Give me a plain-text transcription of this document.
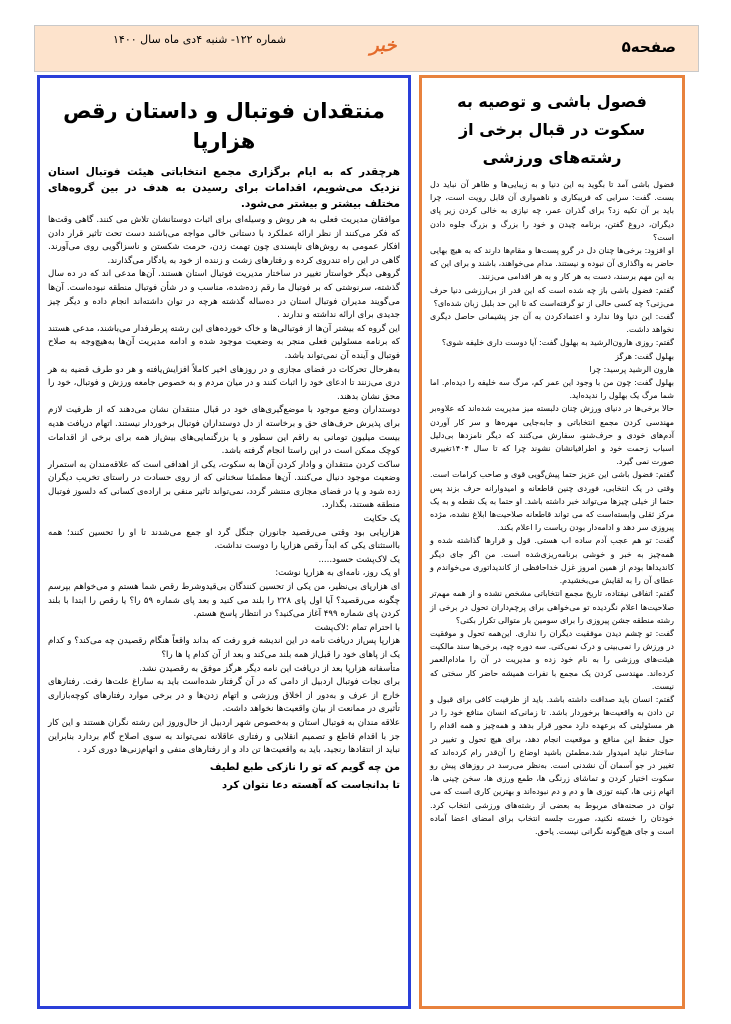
صفحه۵
خبر
شماره ۱۲۲- شنبه ۴دی ماه سال ۱۴۰۰
فصول باشی و توصیه به سکوت در قبال برخی از رشته‌های ورزشی

فضول باشی آمد تا بگوید به این دنیا و به زیبایی‌ها و ظاهر آن نباید دل بست. گفت: سرابی که فریبکاری و ناهمواری آن قابل رویت است، چرا باید بر آن تکیه زد؟ برای گذران عمر، چه نیازی به خالی کردن زیر پای دیگران، دروغ گفتن، برنامه چیدن و خود را بزرگ و بزرگ جلوه دادن است؟

او افزود: برخی‌ها چنان دل در گرو پست‌ها و مقام‌ها دارند که به هیچ بهایی حاضر به واگذاری آن نبوده و نیستند. مدام می‌خواهند، باشند و برای این که به این مهم برسند، دست به هر کار و به هر اقدامی می‌زنند.

گفتم: فضول باشی باز چه شده است که این قدر از بی‌ارزشی دنیا حرف می‌زنی؟ چه کسی حالی از تو گرفته‌است که تا این حد بلبل زبان شده‌ای؟

گفت: این دنیا وفا ندارد و اعتمادکردن به آن جز پشیمانی حاصل دیگری نخواهد داشت.

گفتم: روزی هارون‌الرشید به بهلول گفت: آیا دوست داری خلیفه شوی؟

بهلول گفت: هرگز

هارون الرشید پرسید: چرا

بهلول گفت: چون من با وجود این عمر کم، مرگ سه خلیفه را دیده‌ام. اما شما مرگ یک بهلول را ندیده‌اید.

حالا برخی‌ها در دنیای ورزش چنان دلبسته میز مدیریت شده‌اند که علاوه‌بر مهندسی کردن مجمع انتخاباتی و جابه‌جایی مهره‌ها و سر کار آوردن آدم‌های خودی و حرف‌شنو، سفارش می‌کنند که دیگر نامزدها بی‌دلیل اسباب زحمت خود و اطرافیانشان نشوند چرا که تا سال ۱۴۰۴تغییری صورت نمی گیرد.

گفتم: فضول باشی این عزیز حتما پیش‌گویی قوی و صاحب کرامات است. وقتی در یک انتخابی، فوردی چنین قاطعانه و امیدوارانه حرف بزند پس حتما از خیلی چیزها می‌تواند خبر داشته باشد. او حتما به یک نقطه و به یک مرکز ثقلی وابسته‌است که می تواند قاطعانه صلاحیت‌ها ابلاغ نشده، مژده پیروزی سر دهد و ادامه‌دار بودن ریاست را اعلام بکند.

گفت: تو هم عجب آدم ساده اب هستی. قول و قرارها گذاشته شده و همه‌چیز به خبر و خوشی برنامه‌ریزی‌شده است. من اگر جای دیگر کاندیداها بودم از همین امروز غزل خداحافظی از کاندیداتوری می‌خواندم و عطای آن را به لقایش می‌بخشیدم.

گفتم: اتفاقی نیفتاده، تاریخ مجمع انتخاباتی مشخص نشده و از همه مهم‌تر صلاحیت‌ها اعلام نگردیده تو می‌خواهی برای پرچم‌داران تحول در برخی از رشته منطقه جشن پیروزی را برای سومین بار متوالی تکرار بکنی؟

گفت: تو چشم دیدن موفقیت دیگران را نداری. این‌همه تحول و موفقیت در ورزش را نمی‌بینی و درک نمی‌کنی. سه دوره چیه، برخی‌ها سند مالکیت هیئت‌های ورزشی را به نام خود زده و مدیریت در آن را مادام‌العمر کرده‌اند. مهندسی کردن یک مجمع با نفرات همیشه حاضر کار سختی که نیست.

گفتم: انسان باید صداقت داشته باشد. باید از ظرفیت کافی برای قبول و تن دادن به واقعیت‌ها برخوردار باشد. تا زمانی‌که انسان منافع خود را در هر مسئولیتی که برعهده دارد محور قرار بدهد و همه‌چیز و همه اقدام را حول حفظ این منافع و موقعیت انجام دهد، برای هیچ تحول و تغییر در ساختار نباید امیدوار شد.مطمئن باشید اوضاع را آن‌قدر رام کرده‌اند که تغییر در جو آسمان آن نشدنی است. به‌نظر می‌رسد در روزهای پیش رو سکوت اختیار کردن و تماشای زرنگی ها، طمع ورزی ها، سخن چینی ها، اتهام زنی ها، کینه توزی ها و دم و دم نبوده‌اند و بهترین کاری است که می توان در صحنه‌های مربوط به بعضی از رشته‌های ورزشی انتخاب کرد. خودتان را خسته نکنید، صورت جلسه انتخاب برای امضای اعضا آماده است و جای هیچ‌گونه نگرانی نیست. یاحق.

منتقدان فوتبال و داستان رقص هزارپا

هرچقدر که به ایام برگزاری مجمع انتخاباتی هیئت فوتبال استان نزدیک می‌شویم، اقدامات برای رسیدن به هدف در بین گروه‌های مختلف بیشتر و بیشتر می‌شود.

موافقان مدیریت فعلی به هر روش و وسیله‌ای برای اثبات دوستانشان تلاش می کنند. گاهی وقت‌ها که فکر می‌کنند از نظر ارائه عملکرد با دستانی خالی مواجه می‌باشند دست تحت تاثیر قرار دادن افکار عمومی به روش‌های ناپسندی چون تهمت زدن، حرمت شکستن و ناسزاگویی روی می‌آورند. گاهی در این راه تندروی کرده و رفتارهای زشت و زننده از خود به یادگار می‌گذارند.

گروهی دیگر خواستار تغییر در ساختار مدیریت فوتبال استان هستند. آن‌ها مدعی اند که در ده سال گذشته، سرنوشتی که بر فوتبال ما رقم زده‌شده، مناسب و در شأن فوتبال منطقه نبوده‌است. آن‌ها می‌گویند مدیران فوتبال استان در ده‌ساله گذشته هرچه در توان داشته‌اند انجام داده و دیگر چیز جدیدی برای ارائه نداشته و ندارند .

این گروه که بیشتر آن‌ها از فوتبالی‌ها و خاک خورده‌های این رشته پرطرفدار می‌باشند، مدعی هستند که برنامه مسئولین فعلی منجر به وضعیت موجود شده و ادامه مدیریت آن‌ها به‌هیچ‌وجه به صلاح فوتبال و آینده آن نمی‌تواند باشد.

به‌هرحال تحرکات در فضای مجازی و در روزهای اخیر کاملاً افزایش‌یافته و هر دو طرف قضیه به هر دری می‌زنند تا ادعای خود را اثبات کنند و در میان مردم و به خصوص جامعه ورزش و فوتبال، خود را محق نشان بدهند.

دوستداران وضع موجود با موضع‌گیری‌های خود در قبال منتقدان نشان می‌دهند که از ظرفیت لازم برای پذیرش حرف‌های حق و برخاسته از دل دوستداران فوتبال برخوردار نیستند. اتهام دریافت هدیه بیست میلیون تومانی به راقم این سطور و یا بزرگنمایی‌های بیش‌از همه برای برخی از اقدامات کوچک ممکن است در این راستا انجام گرفته باشد.

ساکت کردن منتقدان و وادار کردن آن‌ها به سکوت، یکی از اهدافی است که علاقه‌مندان به استمرار وضعیت موجود دنبال می‌کنند. آن‌ها مطمئنا سخنانی که از روی حسادت در راستای تخریب دیگران زده شود و یا در فضای مجازی منتشر گردد، نمی‌تواند تاثیر منفی بر اراده‌ی کسانی که دلسوز فوتبال منطقه هستند، بگذارد.

یک حکایت

هزارپایی بود وقتی می‌رقصید جانوران جنگل گرد او جمع می‌شدند تا او را تحسین کنند؛ همه بااستثنای یکی که ابداً رقص هزارپا را دوست نداشت.

یک لاک‌پشت حسود.....

او یک روز، نامه‌ای به هزارپا نوشت:

ای هزارپای بی‌نظیر، من یکی از تحسین کنندگان بی‌قیدوشرط رقص شما هستم و می‌خواهم بپرسم چگونه می‌رقصید؟ آیا اول پای ۲۲۸ را بلند می کنید و بعد پای شماره ۵۹ را؟ یا رقص را ابتدا با بلند کردن پای شماره ۴۹۹ آغاز می‌کنید؟ در انتظار پاسخ هستم.

با احترام تمام :لاک‌پشت

هزارپا پس‌از دریافت نامه در این اندیشه فرو رفت که بداند واقعاً هنگام رقصیدن چه می‌کند؟ و کدام یک از پاهای خود را قبل‌از همه بلند می‌کند و بعد از آن کدام پا ها را؟

متأسفانه هزارپا بعد از دریافت این نامه دیگر هرگز موفق به رقصیدن نشد.

برای نجات فوتبال اردبیل از دامی که در آن گرفتار شده‌است باید به ساراغ علت‌ها رفت. رفتارهای خارج از عرف و به‌دور از اخلاق ورزشی و اتهام زدن‌ها و در برخی موارد رفتارهای کوچه‌بازاری تأثیری در ممانعت از بیان واقعیت‌ها نخواهد داشت.

علاقه مندان به فوتبال استان و به‌خصوص شهر اردبیل از حال‌وروز این رشته نگران هستند و این کار جز با اقدام قاطع و تصمیم انقلابی و رفتاری عاقلانه نمی‌تواند به سوی اصلاح گام بردارد بنابراین نباید از انتقادها رنجید، باید به واقعیت‌ها تن داد و از رفتارهای منفی و اتهام‌زنی‌ها دوری کرد .

من چه گویم که تو را نازکی طبع لطیف

تا بدانجاست که آهسته دعا نتوان کرد
